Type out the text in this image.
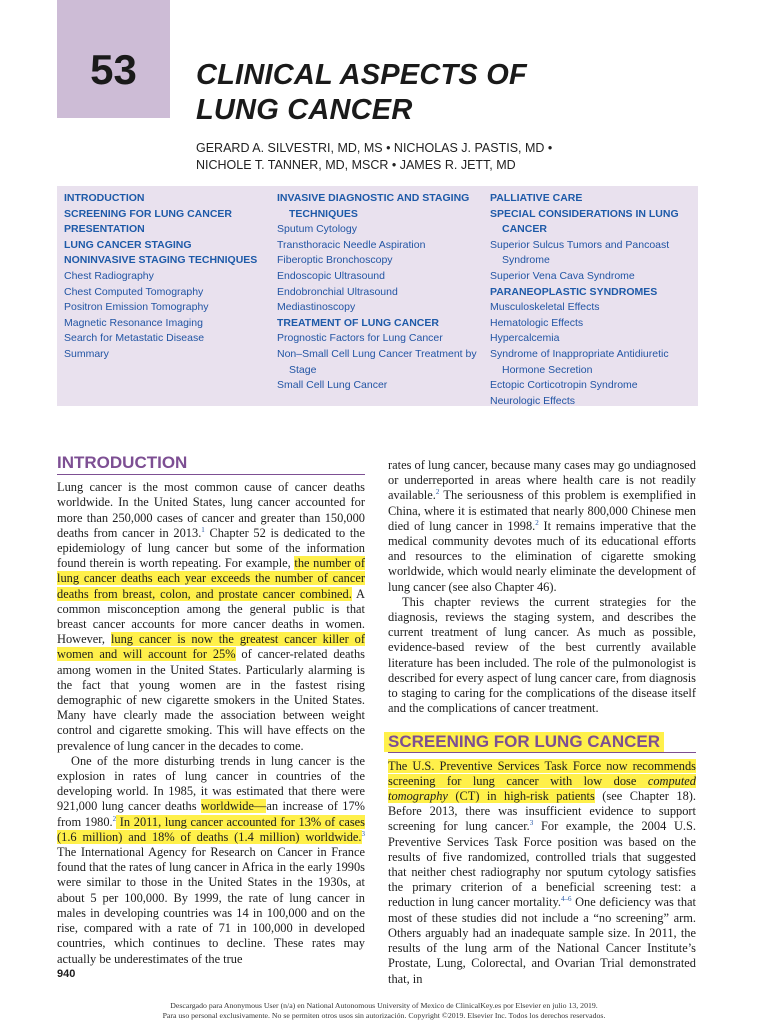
53	CLINICAL ASPECTS OF
LUNG CANCER
GERARD A. SILVESTRI, MD, MS • NICHOLAS J. PASTIS, MD •
NICHOLE T. TANNER, MD, MSCR • JAMES R. JETT, MD
INTRODUCTION
SCREENING FOR LUNG CANCER
PRESENTATION
LUNG CANCER STAGING
NONINVASIVE STAGING TECHNIQUES
Chest Radiography
Chest Computed Tomography
Positron Emission Tomography
Magnetic Resonance Imaging
Search for Metastatic Disease
Summary
INVASIVE DIAGNOSTIC AND STAGING TECHNIQUES
Sputum Cytology
Transthoracic Needle Aspiration
Fiberoptic Bronchoscopy
Endoscopic Ultrasound
Endobronchial Ultrasound
Mediastinoscopy
TREATMENT OF LUNG CANCER
Prognostic Factors for Lung Cancer
Non–Small Cell Lung Cancer Treatment by Stage
Small Cell Lung Cancer
PALLIATIVE CARE
SPECIAL CONSIDERATIONS IN LUNG CANCER
Superior Sulcus Tumors and Pancoast Syndrome
Superior Vena Cava Syndrome
PARANEOPLASTIC SYNDROMES
Musculoskeletal Effects
Hematologic Effects
Hypercalcemia
Syndrome of Inappropriate Antidiuretic Hormone Secretion
Ectopic Corticotropin Syndrome
Neurologic Effects
INTRODUCTION

Lung cancer is the most common cause of cancer deaths worldwide. In the United States, lung cancer accounted for more than 250,000 cases of cancer and greater than 150,000 deaths from cancer in 2013.$^1$ Chapter 52 is dedicated to the epidemiology of lung cancer but some of the information found therein is worth repeating. For example, the number of lung cancer deaths each year exceeds the number of cancer deaths from breast, colon, and prostate cancer combined. A common misconception among the general public is that breast cancer accounts for more cancer deaths in women. However, lung cancer is now the greatest cancer killer of women and will account for 25% of cancer-related deaths among women in the United States. Particularly alarming is the fact that young women are in the fastest rising demographic of new cigarette smokers in the United States. Many have clearly made the association between weight control and cigarette smoking. This will have effects on the prevalence of lung cancer in the decades to come.

One of the more disturbing trends in lung cancer is the explosion in rates of lung cancer in countries of the developing world. In 1985, it was estimated that there were 921,000 lung cancer deaths worldwide—an increase of 17% from 1980.$^2$ In 2011, lung cancer accounted for 13% of cases (1.6 million) and 18% of deaths (1.4 million) worldwide.$^3$ The International Agency for Research on Cancer in France found that the rates of lung cancer in Africa in the early 1990s were similar to those in the United States in the 1930s, at about 5 per 100,000. By 1999, the rate of lung cancer in males in developing countries was 14 in 100,000 and on the rise, compared with a rate of 71 in 100,000 in developed countries, which continues to decline. These rates may actually be underestimates of the true

rates of lung cancer, because many cases may go undiagnosed or underreported in areas where health care is not readily available.$^2$ The seriousness of this problem is exemplified in China, where it is estimated that nearly 800,000 Chinese men died of lung cancer in 1998.$^2$ It remains imperative that the medical community devotes much of its educational efforts and resources to the elimination of cigarette smoking worldwide, which would nearly eliminate the development of lung cancer (see also Chapter 46).

This chapter reviews the current strategies for the diagnosis, reviews the staging system, and describes the current treatment of lung cancer. As much as possible, evidence-based review of the best currently available literature has been included. The role of the pulmonologist is described for every aspect of lung cancer care, from diagnosis to staging to caring for the complications of the disease itself and the complications of cancer treatment.

SCREENING FOR LUNG CANCER

The U.S. Preventive Services Task Force now recommends screening for lung cancer with low dose computed tomography (CT) in high-risk patients (see Chapter 18). Before 2013, there was insufficient evidence to support screening for lung cancer.$^3$ For example, the 2004 U.S. Preventive Services Task Force position was based on the results of five randomized, controlled trials that suggested that neither chest radiography nor sputum cytology satisfies the primary criterion of a beneficial screening test: a reduction in lung cancer mortality.$^{4-6}$ One deficiency was that most of these studies did not include a “no screening” arm. Others arguably had an inadequate sample size. In 2011, the results of the lung arm of the National Cancer Institute’s Prostate, Lung, Colorectal, and Ovarian Trial demonstrated that, in

940
Descargado para Anonymous User (n/a) en National Autonomous University of Mexico de ClinicalKey.es por Elsevier en julio 13, 2019.
Para uso personal exclusivamente. No se permiten otros usos sin autorización. Copyright ©2019. Elsevier Inc. Todos los derechos reservados.
